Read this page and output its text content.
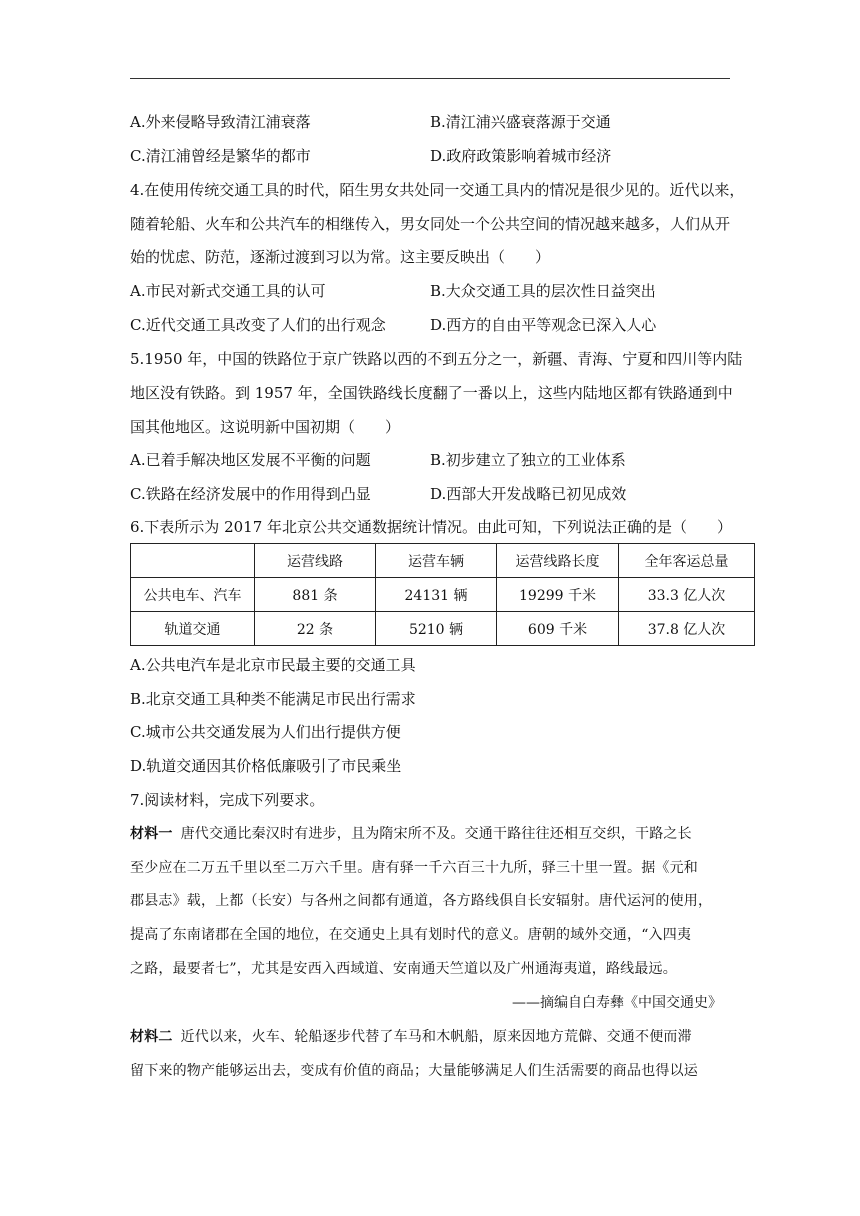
A.外来侵略导致清江浦衰落	B.清江浦兴盛衰落源于交通
C.清江浦曾经是繁华的都市	D.政府政策影响着城市经济
4.在使用传统交通工具的时代，陌生男女共处同一交通工具内的情况是很少见的。近代以来，
随着轮船、火车和公共汽车的相继传入，男女同处一个公共空间的情况越来越多，人们从开
始的忧虑、防范，逐渐过渡到习以为常。这主要反映出（　　）
A.市民对新式交通工具的认可	B.大众交通工具的层次性日益突出
C.近代交通工具改变了人们的出行观念	D.西方的自由平等观念已深入人心
5.1950 年，中国的铁路位于京广铁路以西的不到五分之一，新疆、青海、宁夏和四川等内陆
地区没有铁路。到 1957 年，全国铁路线长度翻了一番以上，这些内陆地区都有铁路通到中
国其他地区。这说明新中国初期（　　）
A.已着手解决地区发展不平衡的问题	B.初步建立了独立的工业体系
C.铁路在经济发展中的作用得到凸显	D.西部大开发战略已初见成效
6.下表所示为 2017 年北京公共交通数据统计情况。由此可知，下列说法正确的是（　　）
	运营线路	运营车辆	运营线路长度	全年客运总量
公共电车、汽车	881 条	24131 辆	19299 千米	33.3 亿人次
轨道交通	22 条	5210 辆	609 千米	37.8 亿人次
A.公共电汽车是北京市民最主要的交通工具
B.北京交通工具种类不能满足市民出行需求
C.城市公共交通发展为人们出行提供方便
D.轨道交通因其价格低廉吸引了市民乘坐
7.阅读材料，完成下列要求。
材料一 唐代交通比秦汉时有进步，且为隋宋所不及。交通干路往往还相互交织，干路之长
至少应在二万五千里以至二万六千里。唐有驿一千六百三十九所，驿三十里一置。据《元和
郡县志》载，上都（长安）与各州之间都有通道，各方路线俱自长安辐射。唐代运河的使用，
提高了东南诸郡在全国的地位，在交通史上具有划时代的意义。唐朝的域外交通，“入四夷
之路，最要者七”，尤其是安西入西域道、安南通天竺道以及广州通海夷道，路线最远。
——摘编自白寿彝《中国交通史》
材料二 近代以来，火车、轮船逐步代替了车马和木帆船，原来因地方荒僻、交通不便而滞
留下来的物产能够运出去，变成有价值的商品；大量能够满足人们生活需要的商品也得以运
